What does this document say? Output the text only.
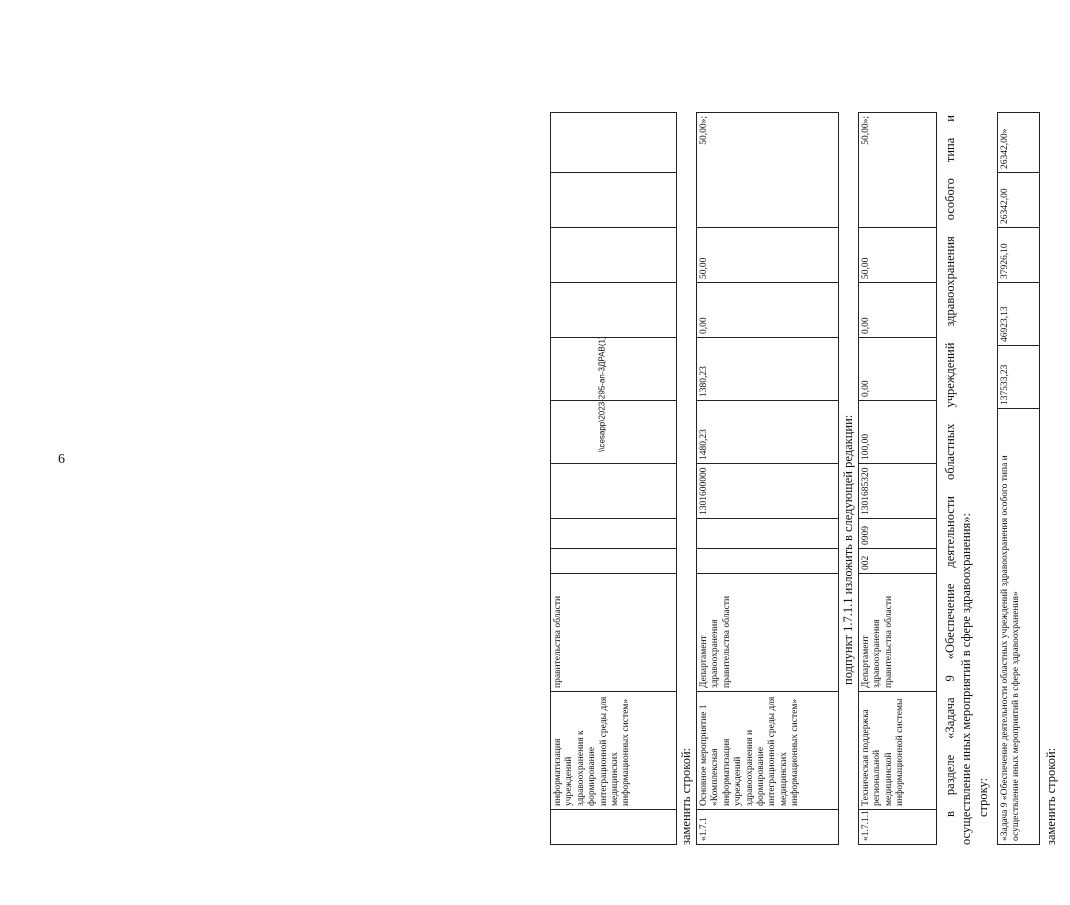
6
\\cesapp\2023-295-an-3ДРАВ(1)
	информатизация учреждений здравоохранения к формирование интеграционной среды для медицинских информационных систем»	правительства области									
заменить строкой: «1.7.1	Основное мероприятие 1 «Комплексная информатизация учреждений здравоохранения и формирование интеграционной среды для медицинских информационных систем»	Департамент здравоохранения правительства области			1301600000	1480,23	1380,23	0,00	50,00	50,00»;
подпункт 1.7.1.1 изложить в следующей редакции:
«1.7.1.1	Техническая поддержка региональной медицинской информационной системы	Департамент здравоохранения правительства области	002	0909	1301685320	100,00	0,00	0,00	50,00	50,00»;
в
разделе
«Задача
9
«Обеспечение
деятельности
областных
учреждений
здравоохранения
особого
типа
и
осуществление иных мероприятий в сфере здравоохранения»: строку: «Задача 9 «Обеспечение деятельности областных учреждений здравоохранения особого типа и осуществление иных мероприятий в сфере здравоохранения»	137533,23	46923,13	37926,10	26342,00	26342,00»
заменить строкой:
